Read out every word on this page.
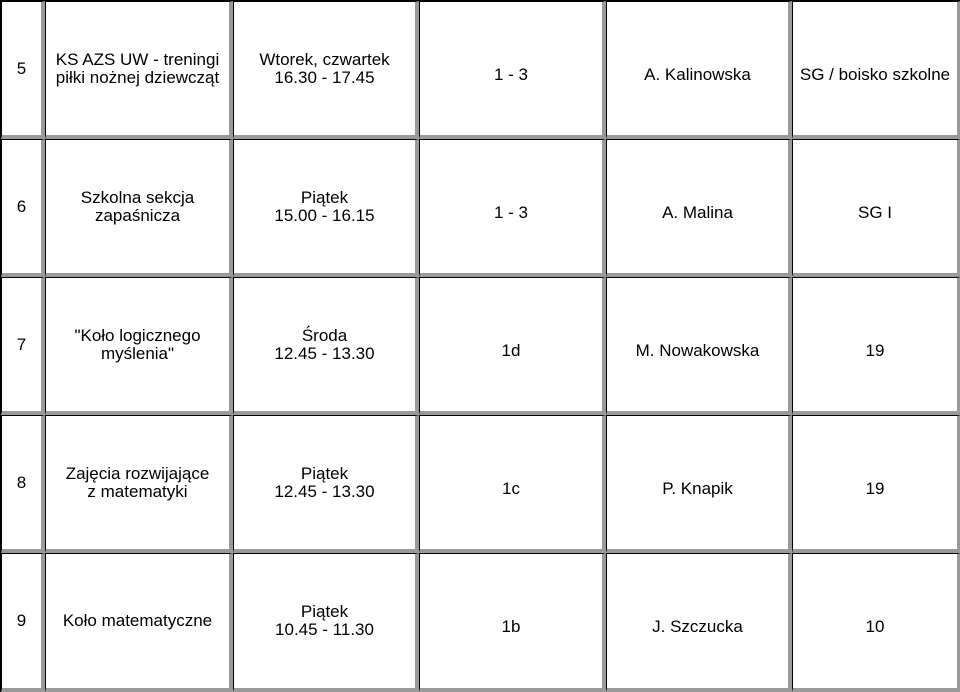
5	KS AZS UW - treningi
piłki nożnej dziewcząt	Wtorek, czwartek
16.30 - 17.45	1 - 3	A. Kalinowska	SG / boisko szkolne

6	Szkolna sekcja
zapaśnicza	Piątek
15.00 - 16.15	1 - 3	A. Malina	SG I

7	"Koło logicznego
myślenia"	Środa
12.45 - 13.30	1d	M. Nowakowska	19

8	Zajęcia rozwijające
z matematyki	Piątek
12.45 - 13.30	1c	P. Knapik	19

9	Koło matematyczne	Piątek
10.45 - 11.30	1b	J. Szczucka	10
